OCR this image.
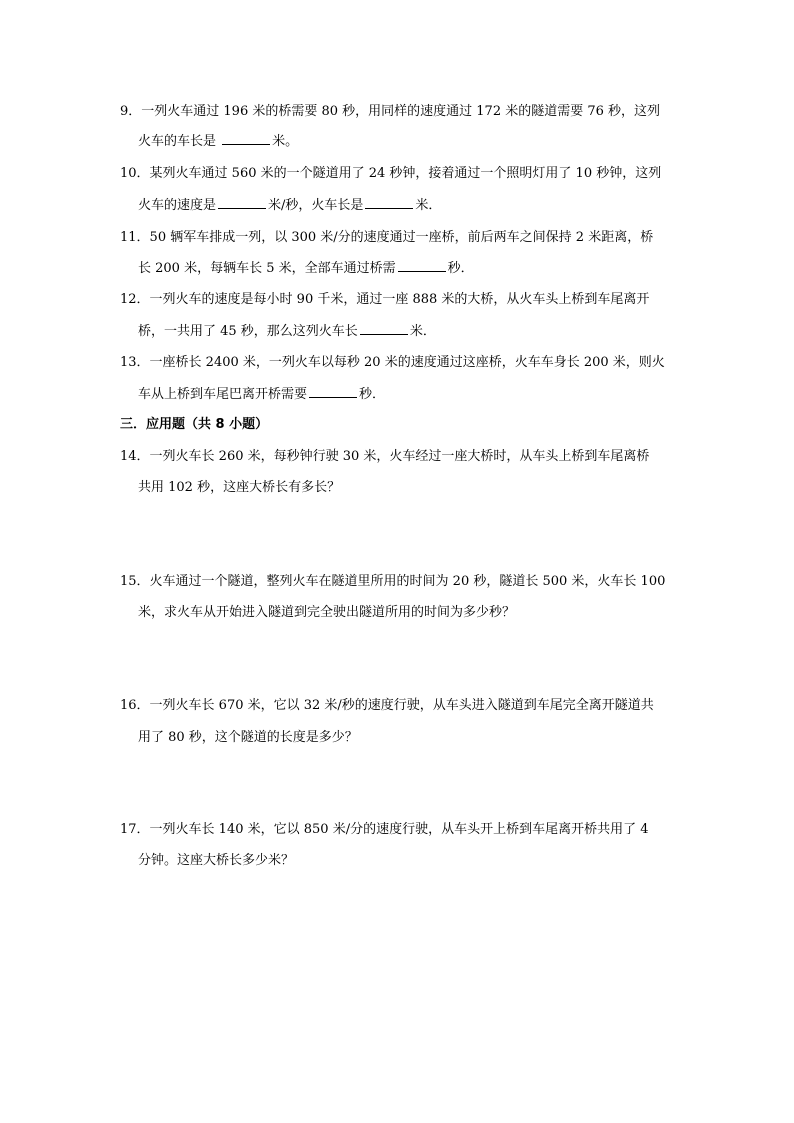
9．一列火车通过 196 米的桥需要 80 秒，用同样的速度通过 172 米的隧道需要 76 秒，这列
火车的车长是	米。
10．某列火车通过 560 米的一个隧道用了 24 秒钟，接着通过一个照明灯用了 10 秒钟，这列
火车的速度是	米/秒，火车长是	米．
11．50 辆军车排成一列，以 300 米/分的速度通过一座桥，前后两车之间保持 2 米距离，桥
长 200 米，每辆车长 5 米，全部车通过桥需	秒．
12．一列火车的速度是每小时 90 千米，通过一座 888 米的大桥，从火车头上桥到车尾离开
桥，一共用了 45 秒，那么这列火车长	米．
13．一座桥长 2400 米，一列火车以每秒 20 米的速度通过这座桥，火车车身长 200 米，则火
车从上桥到车尾巴离开桥需要	秒．
三．应用题（共 8 小题）
14．一列火车长 260 米，每秒钟行驶 30 米，火车经过一座大桥时，从车头上桥到车尾离桥
共用 102 秒，这座大桥长有多长？
15．火车通过一个隧道，整列火车在隧道里所用的时间为 20 秒，隧道长 500 米，火车长 100
米，求火车从开始进入隧道到完全驶出隧道所用的时间为多少秒？
16．一列火车长 670 米，它以 32 米/秒的速度行驶，从车头进入隧道到车尾完全离开隧道共
用了 80 秒，这个隧道的长度是多少？
17．一列火车长 140 米，它以 850 米/分的速度行驶，从车头开上桥到车尾离开桥共用了 4
分钟。这座大桥长多少米？
